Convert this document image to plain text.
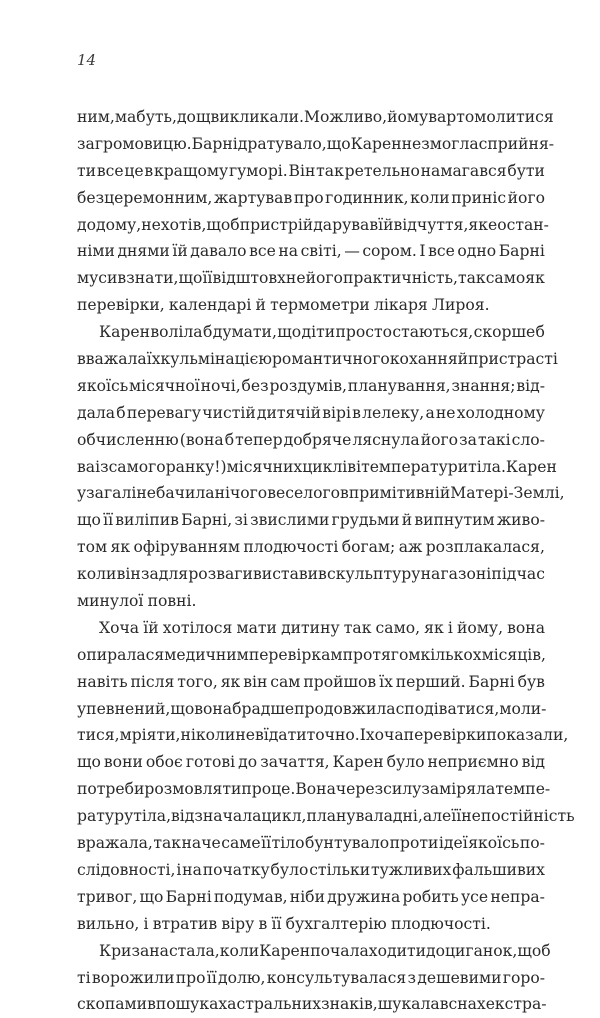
14
ним, мабуть, дощ викликали. Можливо, йому варто молитися
за громовицю. Барні дратувало, що Карен не змогла сприйня-
ти все це в кращому гуморі. Він так ретельно намагався бути
безцеремонним, жартував про годинник, коли приніс його
додому, не хотів, щоб пристрій дарував їй відчуття, яке остан-
німи днями їй давало все на світі, — сором. І все одно Барні
мусив знати, що її відштовхне його практичність, так само як
перевірки, календарі й термометри лікаря Лироя.
Карен воліла б думати, що діти просто стаються, скорше б
вважала їх кульмінацією романтичного кохання й пристрасті
якоїсь місячної ночі, без роздумів, планування, знання; від-
дала б перевагу чистій дитячій вірі в лелеку, а не холодному
обчисленню (вона б тепер добряче ляснула його за такі сло-
ва із самого ранку!) місячних циклів і температури тіла. Карен
узагалі не бачила нічого веселого в примітивній Матері-Землі,
що її виліпив Барні, зі звислими грудьми й випнутим живо-
том як офіруванням плодючості богам; аж розплакалася,
коли він задля розваги виставив скульптуру на газоні під час
минулої повні.
Хоча їй хотілося мати дитину так само, як і йому, вона
опиралася медичним перевіркам протягом кількох місяців,
навіть після того, як він сам пройшов їх перший. Барні був
упевнений, що вона б радше продовжила сподіватися, моли-
тися, мріяти, ніколи не вїдати точно. І хоча перевірки показали,
що вони обоє готові до зачаття, Карен було неприємно від
потреби розмовляти про це. Вона через силу заміряла темпе-
ратуру тіла, відзначала цикл, планувала дні, але її непостійність
вражала, так наче саме її тіло бунтувало проти ідеї якоїсь по-
слідовності, і на початку було стільки тужливих фальшивих
тривог, що Барні подумав, ніби дружина робить усе непра-
вильно, і втратив віру в її бухгалтерію плодючості.
Криза настала, коли Карен почала ходити до циганок, щоб
ті ворожили про її долю, консультувалася з дешевими горо-
скопами в пошуках астральних знаків, шукала в снах екстра-
